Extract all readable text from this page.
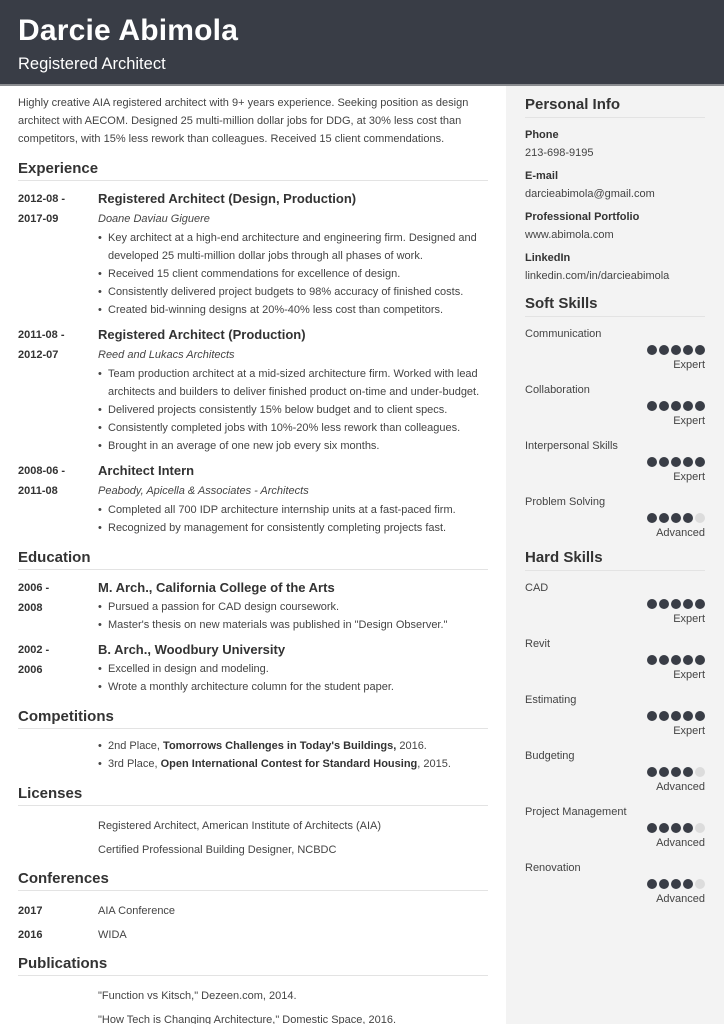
Darcie Abimola
Registered Architect

Highly creative AIA registered architect with 9+ years experience. Seeking position as design architect with AECOM. Designed 25 multi-million dollar jobs for DDG, at 30% less cost than competitors, with 15% less rework than colleagues. Received 15 client commendations.

Experience
2012-08 -
2017-09
Registered Architect (Design, Production)
Doane Daviau Giguere
• Key architect at a high-end architecture and engineering firm. Designed and developed 25 multi-million dollar jobs through all phases of work.
• Received 15 client commendations for excellence of design.
• Consistently delivered project budgets to 98% accuracy of finished costs.
• Created bid-winning designs at 20%-40% less cost than competitors.
2011-08 -
2012-07
Registered Architect (Production)
Reed and Lukacs Architects
• Team production architect at a mid-sized architecture firm. Worked with lead architects and builders to deliver finished product on-time and under-budget.
• Delivered projects consistently 15% below budget and to client specs.
• Consistently completed jobs with 10%-20% less rework than colleagues.
• Brought in an average of one new job every six months.
2008-06 -
2011-08
Architect Intern
Peabody, Apicella & Associates - Architects
• Completed all 700 IDP architecture internship units at a fast-paced firm.
• Recognized by management for consistently completing projects fast.
Education
2006 -
2008
M. Arch., California College of the Arts
• Pursued a passion for CAD design coursework.
• Master's thesis on new materials was published in "Design Observer."
2002 -
2006
B. Arch., Woodbury University
• Excelled in design and modeling.
• Wrote a monthly architecture column for the student paper.
Competitions
• 2nd Place, Tomorrows Challenges in Today's Buildings, 2016.
• 3rd Place, Open International Contest for Standard Housing, 2015.
Licenses
Registered Architect, American Institute of Architects (AIA)
Certified Professional Building Designer, NCBDC
Conferences
2017	AIA Conference
2016	WIDA
Publications
"Function vs Kitsch," Dezeen.com, 2014.
"How Tech is Changing Architecture," Domestic Space, 2016.
Personal Info
Phone
213-698-9195
E-mail
darcieabimola@gmail.com
Professional Portfolio
www.abimola.com
LinkedIn
linkedin.com/in/darcieabimola
Soft Skills
Communication
Expert
Collaboration
Expert
Interpersonal Skills
Expert
Problem Solving
Advanced
Hard Skills
CAD
Expert
Revit
Expert
Estimating
Expert
Budgeting
Advanced
Project Management
Advanced
Renovation
Advanced
